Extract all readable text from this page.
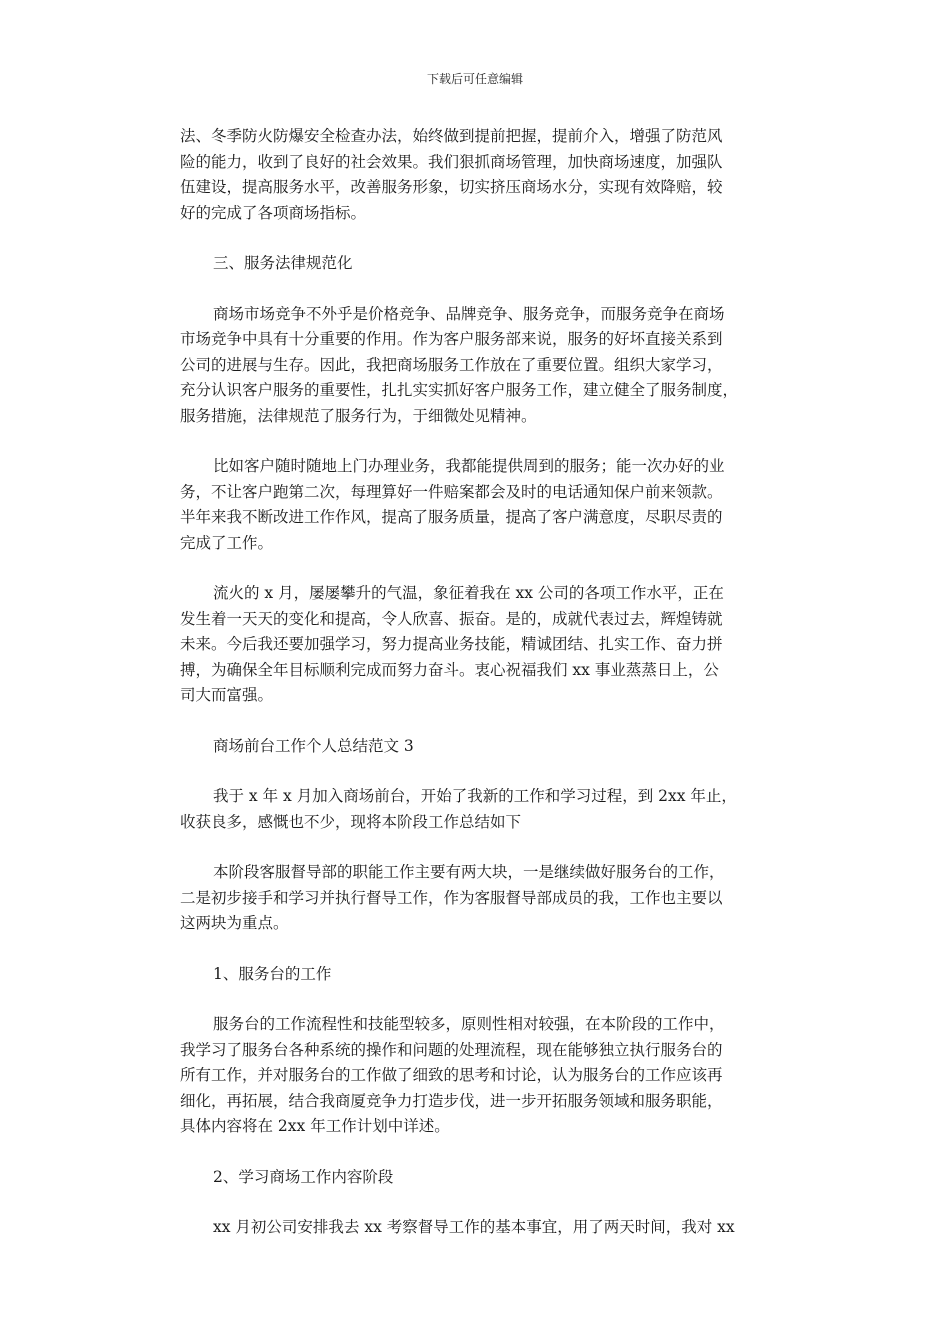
下载后可任意编辑
法、冬季防火防爆安全检查办法，始终做到提前把握，提前介入，增强了防范风
险的能力，收到了良好的社会效果。我们狠抓商场管理，加快商场速度，加强队
伍建设，提高服务水平，改善服务形象，切实挤压商场水分，实现有效降赔，较
好的完成了各项商场指标。
三、服务法律规范化
商场市场竞争不外乎是价格竞争、品牌竞争、服务竞争，而服务竞争在商场
市场竞争中具有十分重要的作用。作为客户服务部来说，服务的好坏直接关系到
公司的进展与生存。因此，我把商场服务工作放在了重要位置。组织大家学习，
充分认识客户服务的重要性，扎扎实实抓好客户服务工作，建立健全了服务制度，
服务措施，法律规范了服务行为，于细微处见精神。
比如客户随时随地上门办理业务，我都能提供周到的服务；能一次办好的业
务，不让客户跑第二次，每理算好一件赔案都会及时的电话通知保户前来领款。
半年来我不断改进工作作风，提高了服务质量，提高了客户满意度，尽职尽责的
完成了工作。
流火的 x 月，屡屡攀升的气温，象征着我在 xx 公司的各项工作水平，正在
发生着一天天的变化和提高，令人欣喜、振奋。是的，成就代表过去，辉煌铸就
未来。今后我还要加强学习，努力提高业务技能，精诚团结、扎实工作、奋力拼
搏，为确保全年目标顺利完成而努力奋斗。衷心祝福我们 xx 事业蒸蒸日上，公
司大而富强。
商场前台工作个人总结范文 3
我于 x 年 x 月加入商场前台，开始了我新的工作和学习过程，到 2xx 年止，
收获良多，感慨也不少，现将本阶段工作总结如下
本阶段客服督导部的职能工作主要有两大块，一是继续做好服务台的工作，
二是初步接手和学习并执行督导工作，作为客服督导部成员的我，工作也主要以
这两块为重点。
1、服务台的工作
服务台的工作流程性和技能型较多，原则性相对较强，在本阶段的工作中，
我学习了服务台各种系统的操作和问题的处理流程，现在能够独立执行服务台的
所有工作，并对服务台的工作做了细致的思考和讨论，认为服务台的工作应该再
细化，再拓展，结合我商厦竞争力打造步伐，进一步开拓服务领域和服务职能，
具体内容将在 2xx 年工作计划中详述。
2、学习商场工作内容阶段
xx 月初公司安排我去 xx 考察督导工作的基本事宜，用了两天时间，我对 xx
